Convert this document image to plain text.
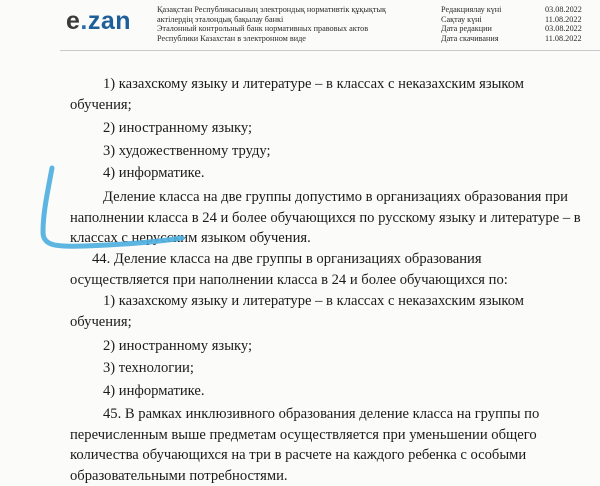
e.zan	Қазақстан Республикасының электрондық нормативтік құқықтық
актілердің эталондық бақылау банкі
Эталонный контрольный банк нормативных правовых актов
Республики Казахстан в электронном виде
Редакциялау күні	03.08.2022
Сақтау күні	11.08.2022
Дата редакции	03.08.2022
Дата скачивания	11.08.2022
1) казахскому языку и литературе – в классах с неказахским языком
обучения;
2) иностранному языку;
3) художественному труду;
4) информатике.
Деление класса на две группы допустимо в организациях образования при
наполнении класса в 24 и более обучающихся по русскому языку и литературе – в
классах с нерусским языком обучения.
44. Деление класса на две группы в организациях образования
осуществляется при наполнении класса в 24 и более обучающихся по:
1) казахскому языку и литературе – в классах с неказахским языком
обучения;
2) иностранному языку;
3) технологии;
4) информатике.
45. В рамках инклюзивного образования деление класса на группы по
перечисленным выше предметам осуществляется при уменьшении общего
количества обучающихся на три в расчете на каждого ребенка с особыми
образовательными потребностями.
